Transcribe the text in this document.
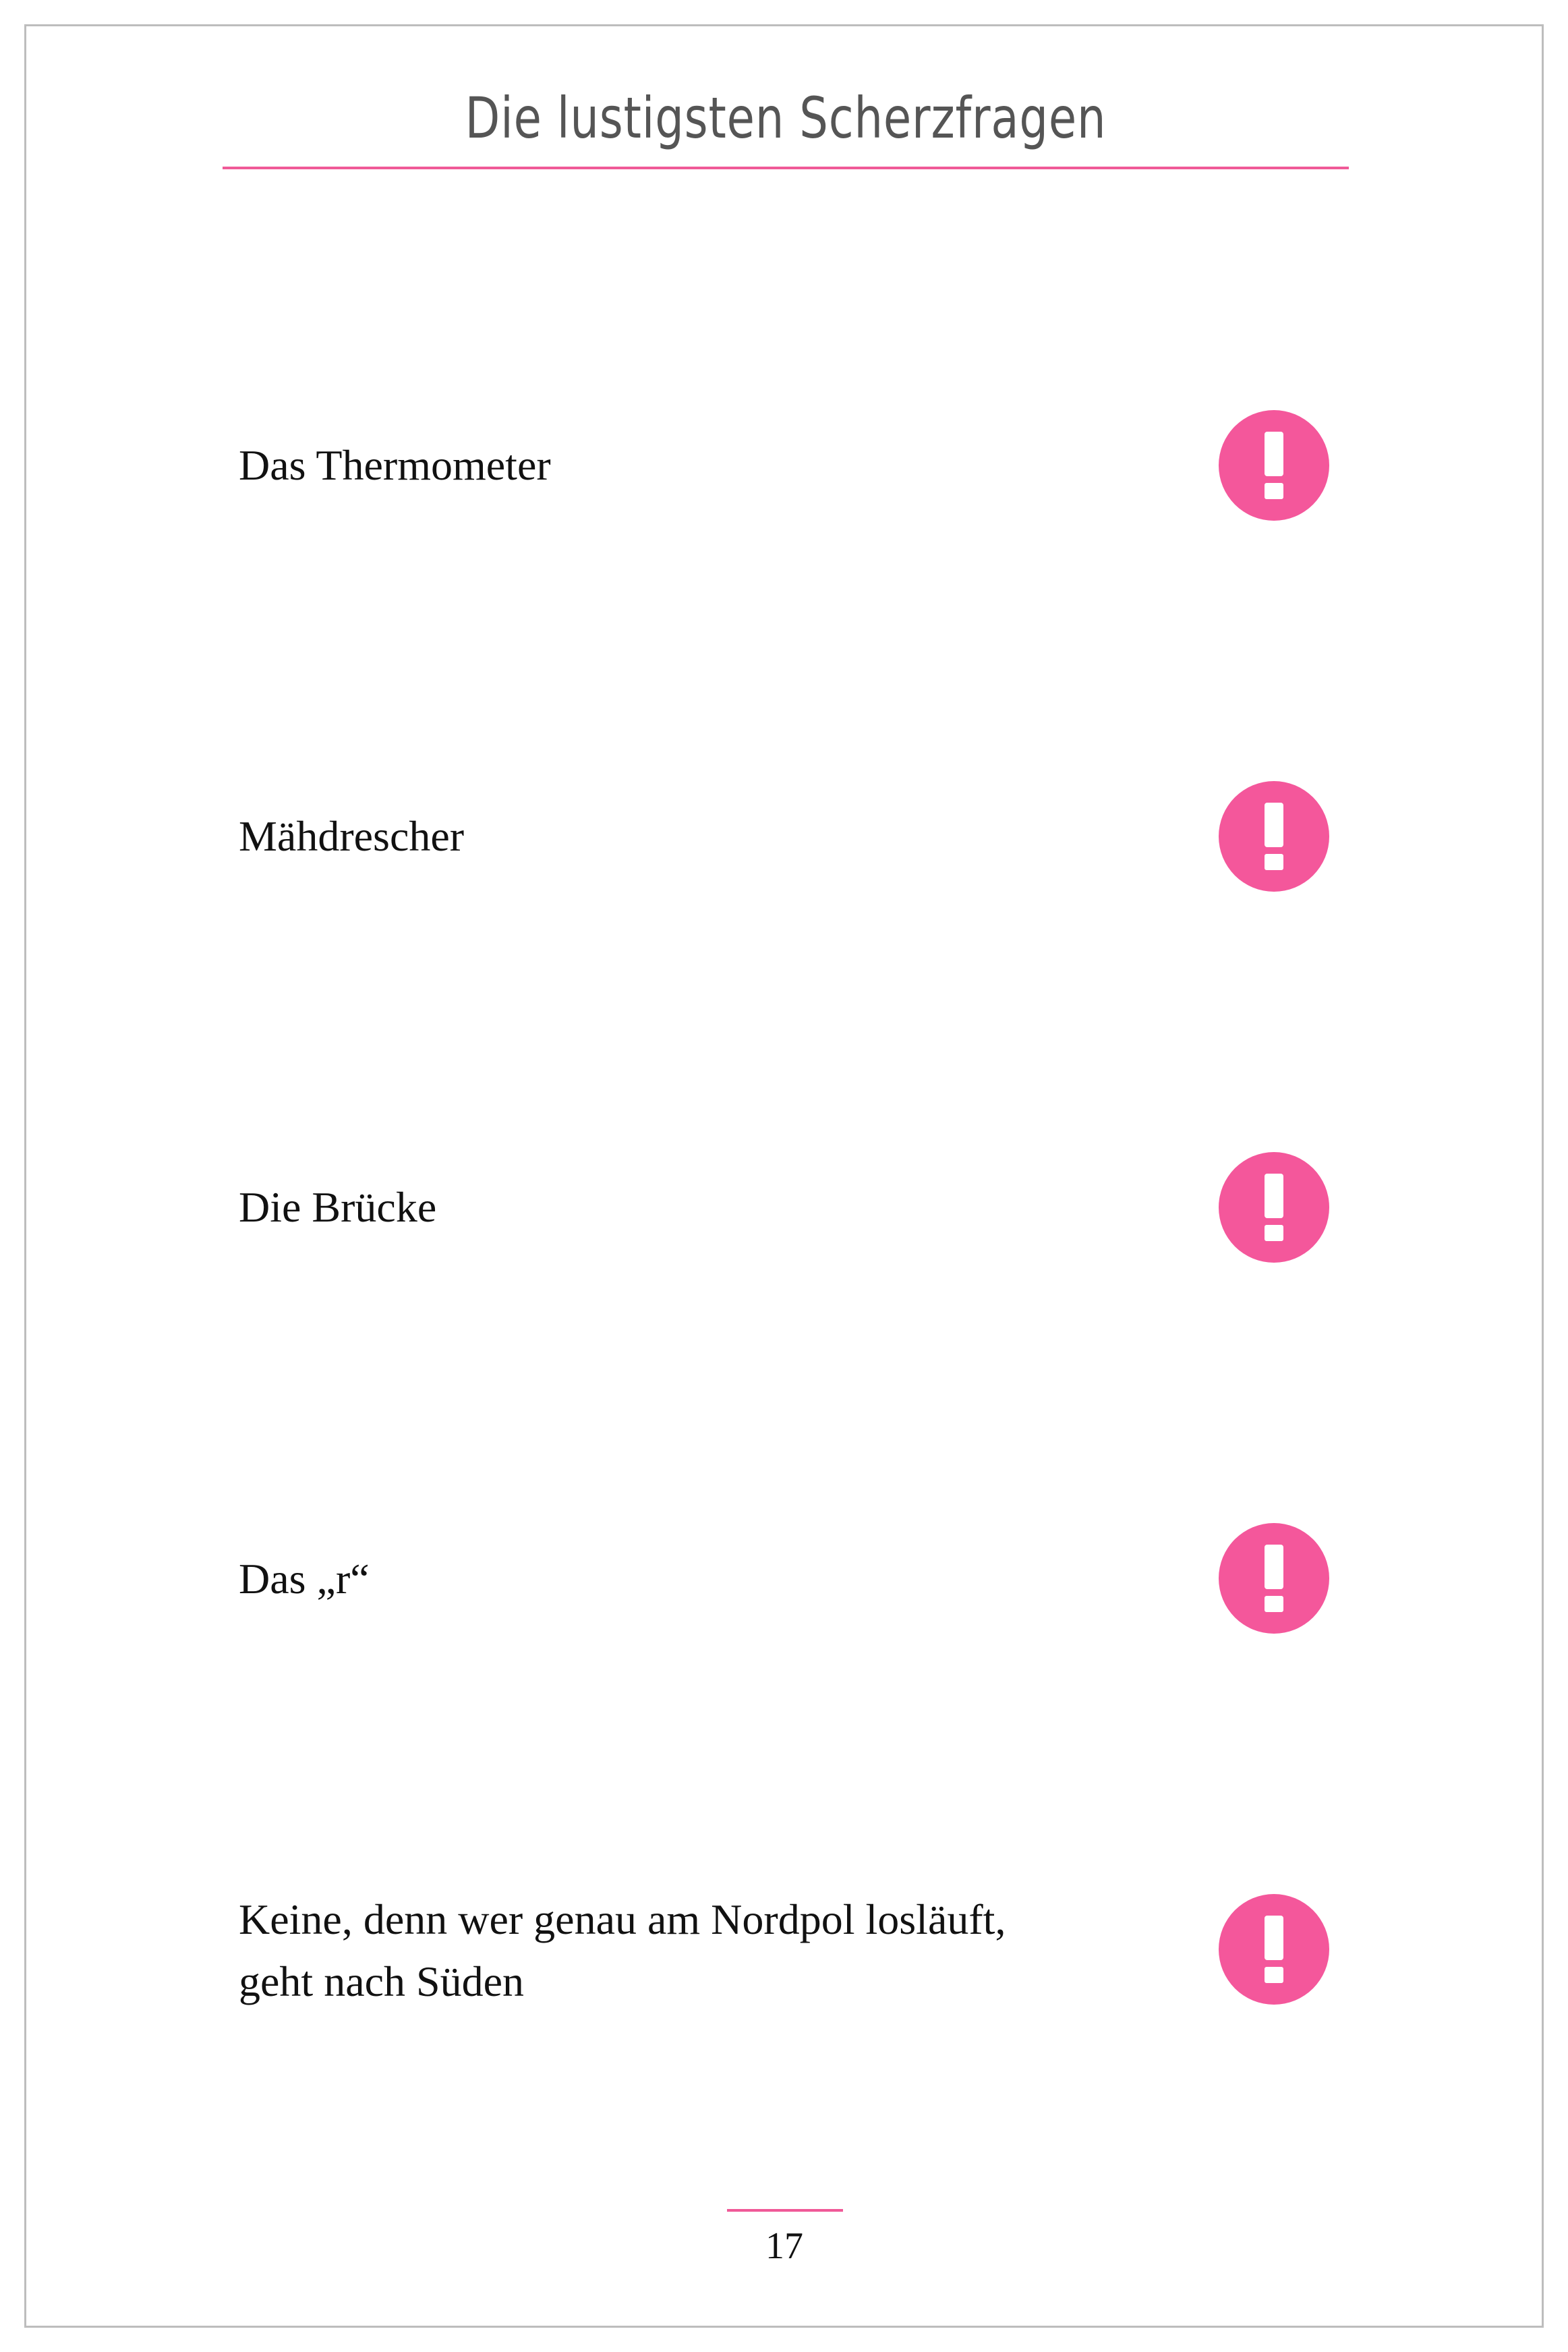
Die lustigsten Scherzfragen
Das Thermometer
Mähdrescher
Die Brücke
Das „r“
Keine, denn wer genau am Nordpol losläuft,
geht nach Süden
17
